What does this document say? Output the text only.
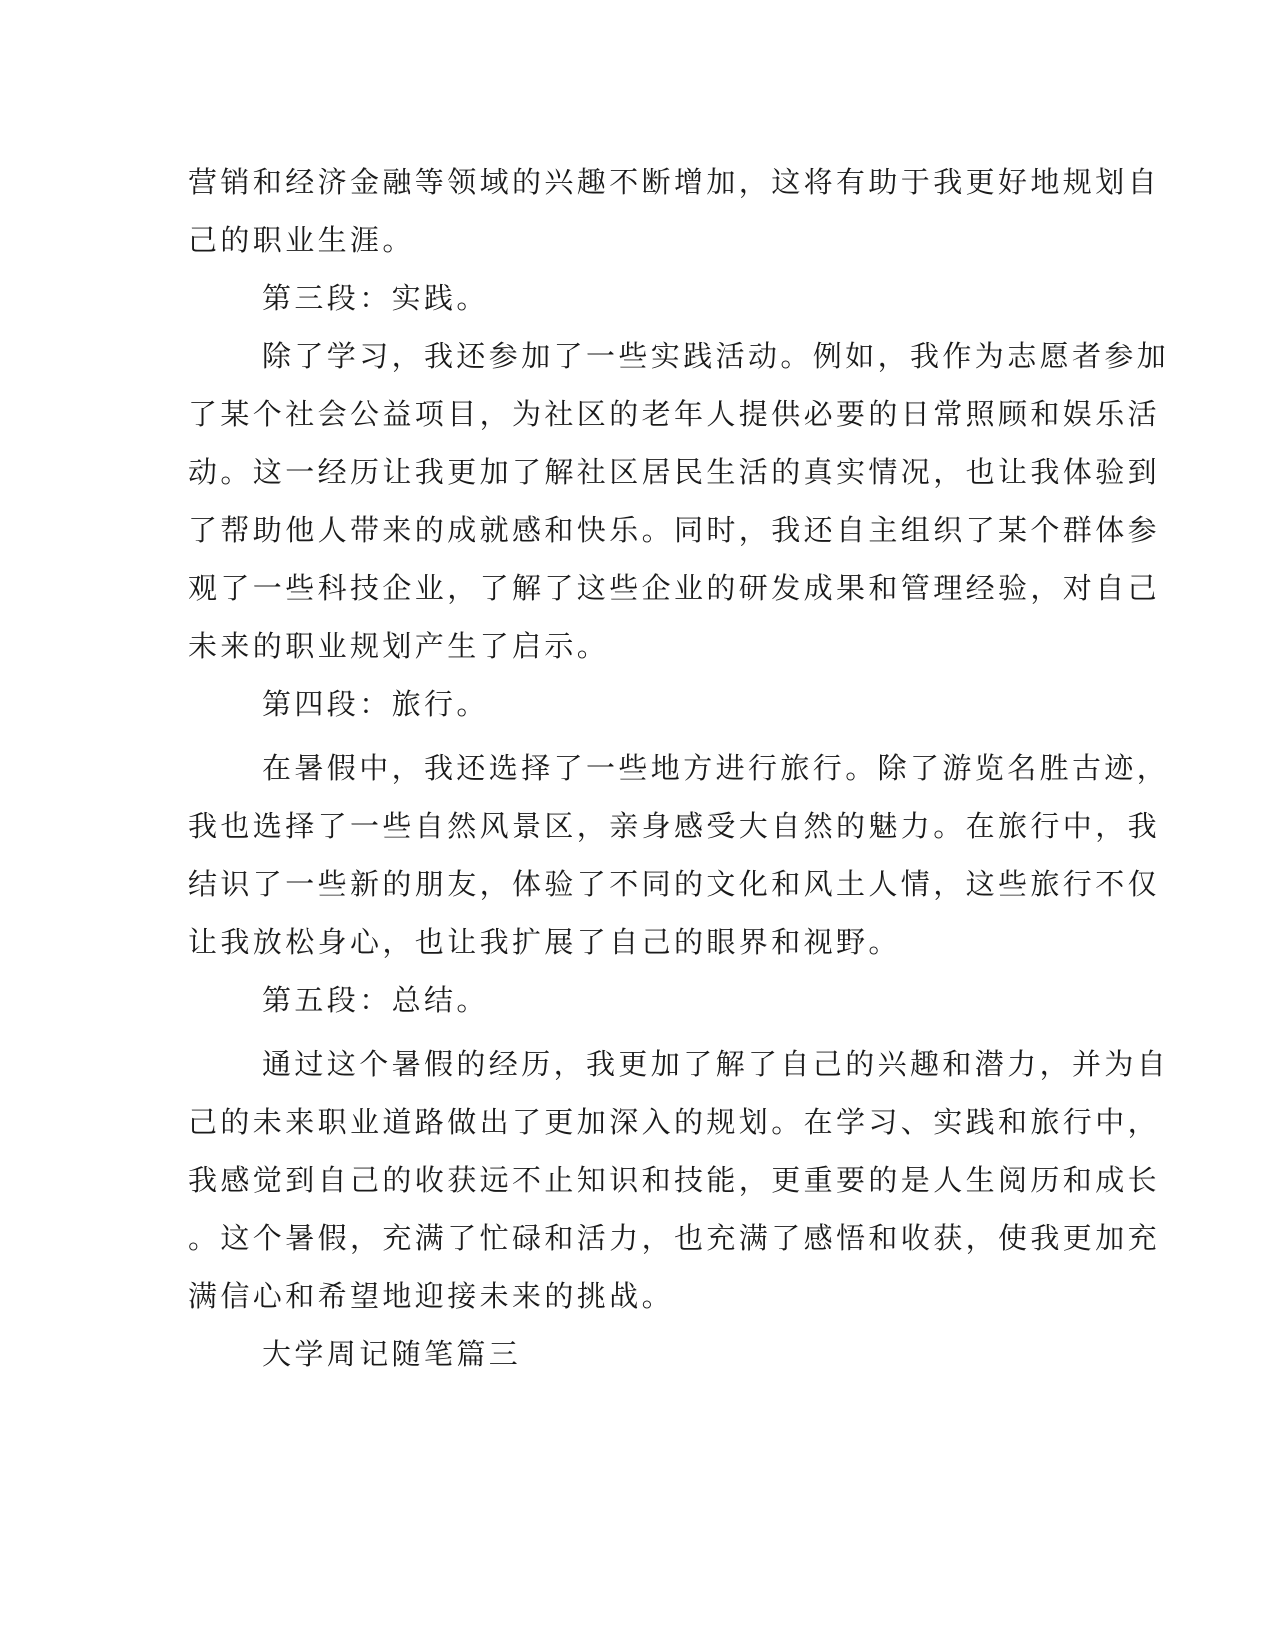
营销和经济金融等领域的兴趣不断增加，这将有助于我更好地规划自
己的职业生涯。
第三段：实践。
除了学习，我还参加了一些实践活动。例如，我作为志愿者参加
了某个社会公益项目，为社区的老年人提供必要的日常照顾和娱乐活
动。这一经历让我更加了解社区居民生活的真实情况，也让我体验到
了帮助他人带来的成就感和快乐。同时，我还自主组织了某个群体参
观了一些科技企业，了解了这些企业的研发成果和管理经验，对自己
未来的职业规划产生了启示。
第四段：旅行。
在暑假中，我还选择了一些地方进行旅行。除了游览名胜古迹，
我也选择了一些自然风景区，亲身感受大自然的魅力。在旅行中，我
结识了一些新的朋友，体验了不同的文化和风土人情，这些旅行不仅
让我放松身心，也让我扩展了自己的眼界和视野。
第五段：总结。
通过这个暑假的经历，我更加了解了自己的兴趣和潜力，并为自
己的未来职业道路做出了更加深入的规划。在学习、实践和旅行中，
我感觉到自己的收获远不止知识和技能，更重要的是人生阅历和成长
。这个暑假，充满了忙碌和活力，也充满了感悟和收获，使我更加充
满信心和希望地迎接未来的挑战。
大学周记随笔篇三
